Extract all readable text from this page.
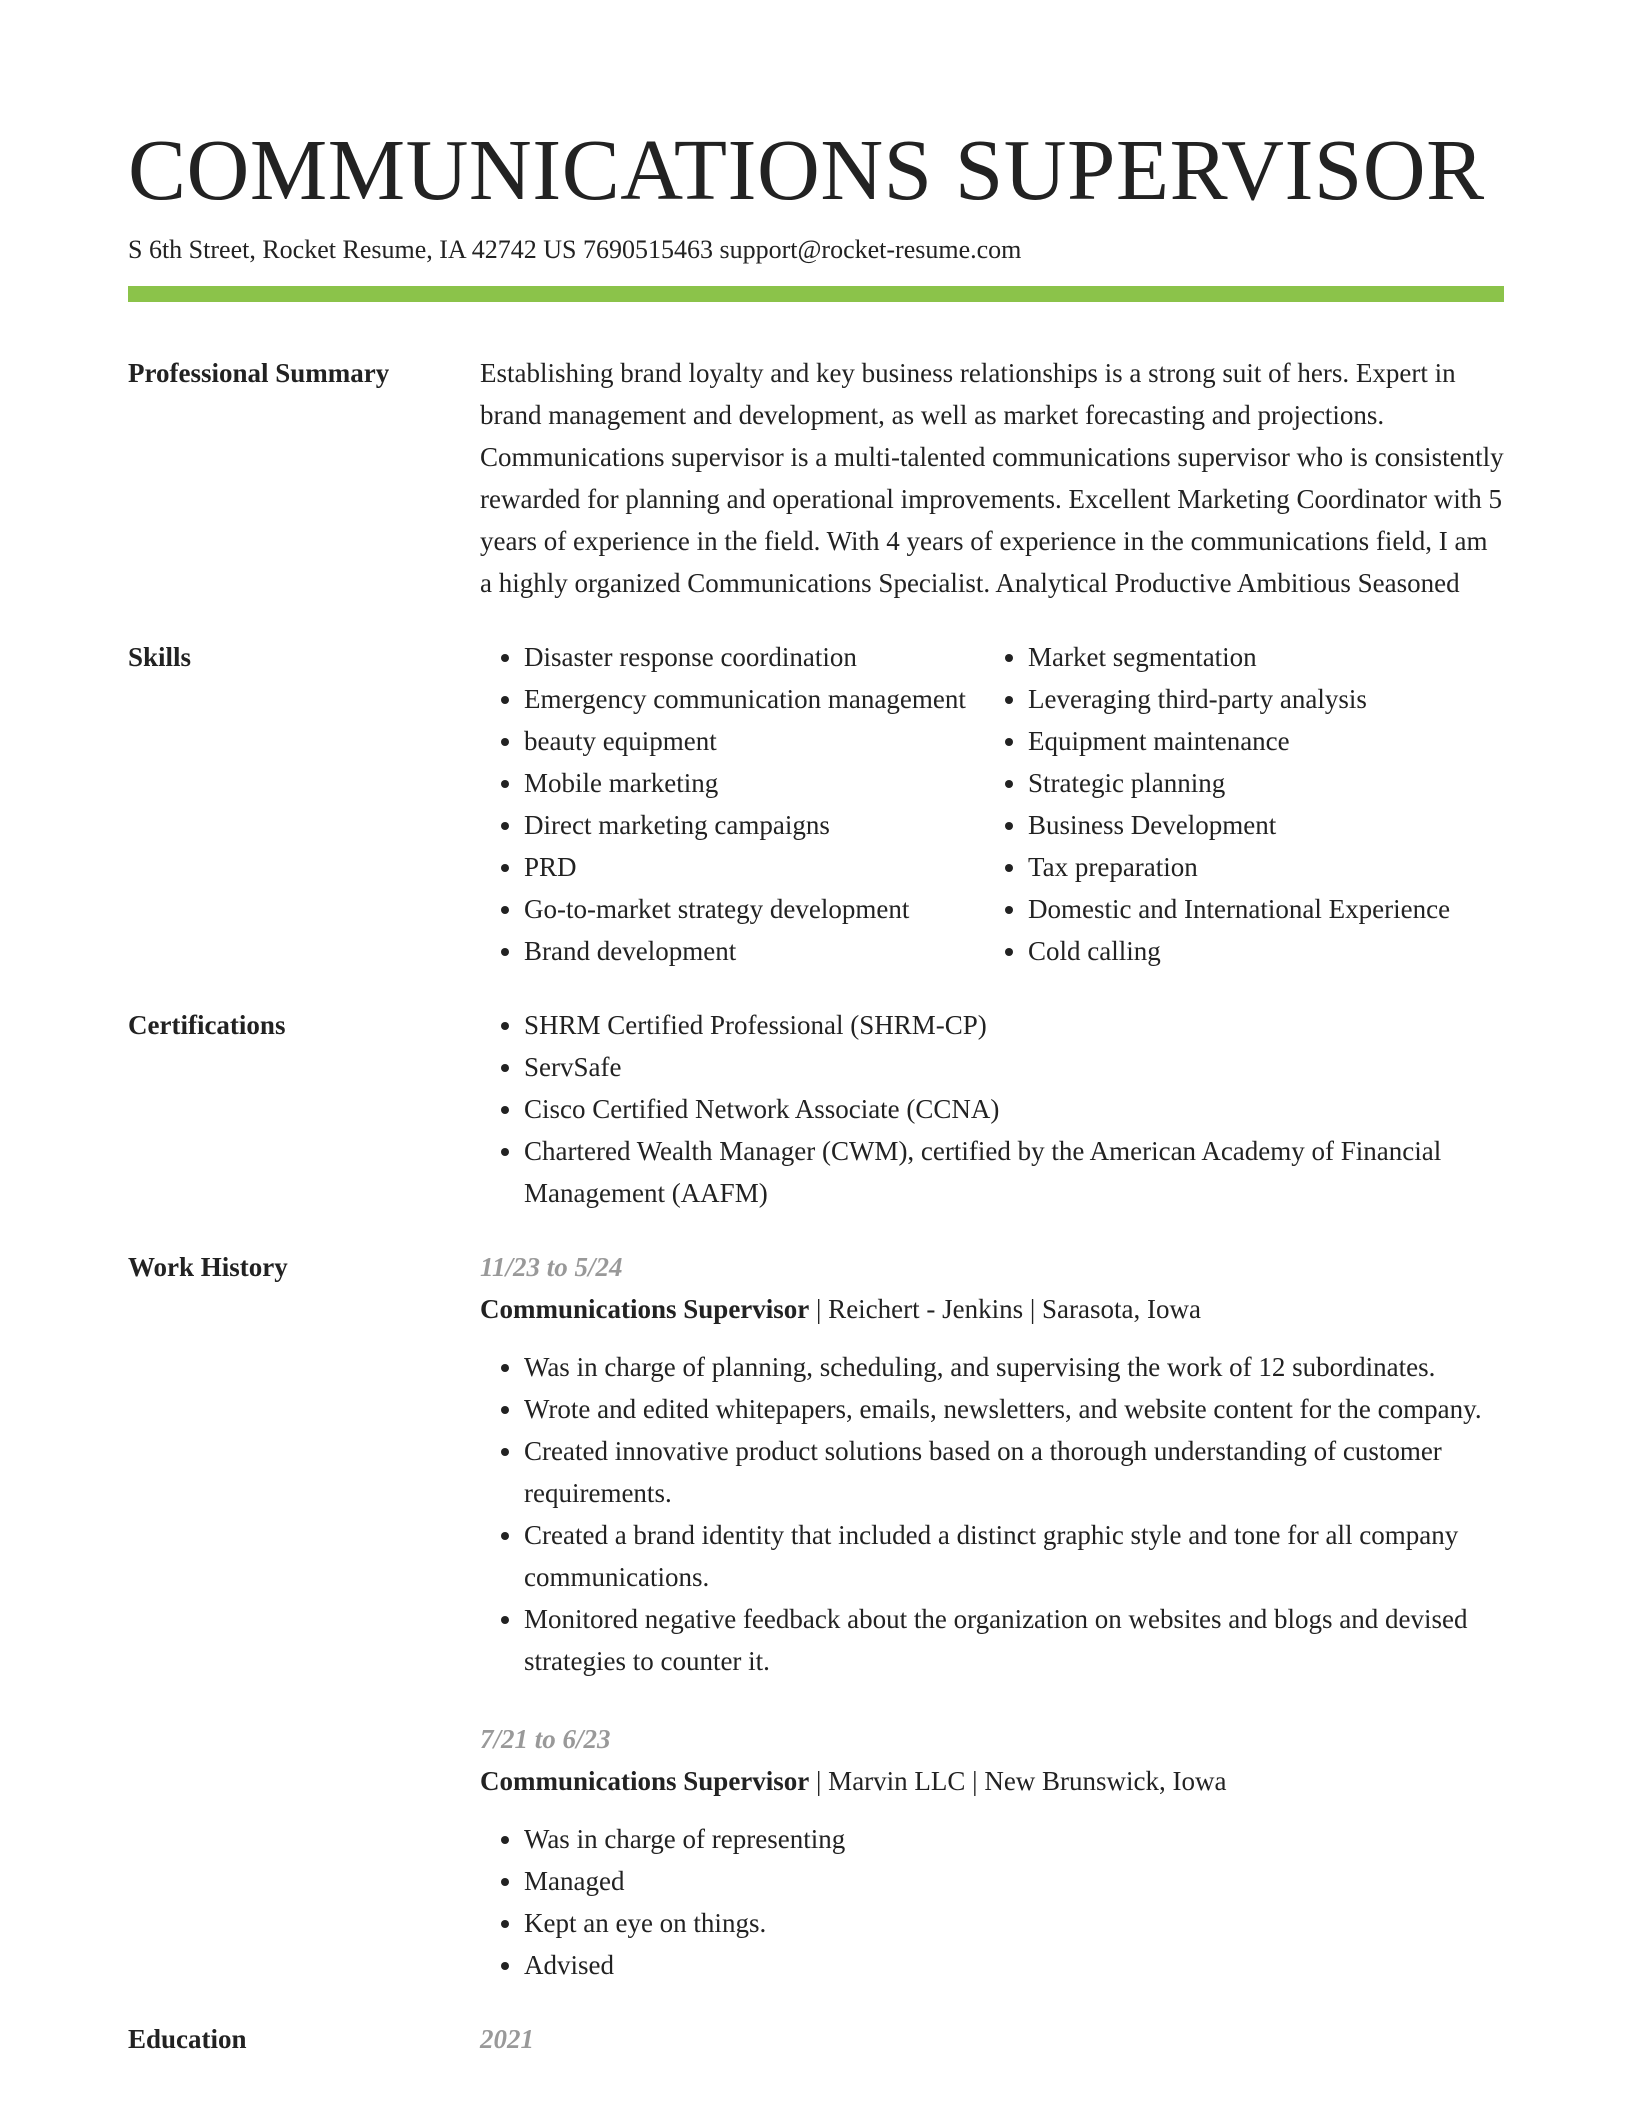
COMMUNICATIONS SUPERVISOR
S 6th Street, Rocket Resume, IA 42742 US 7690515463 support@rocket-resume.com
Professional Summary	Establishing brand loyalty and key business relationships is a strong suit of hers. Expert in brand management and development, as well as market forecasting and projections. Communications supervisor is a multi-talented communications supervisor who is consistently rewarded for planning and operational improvements. Excellent Marketing Coordinator with 5 years of experience in the field. With 4 years of experience in the communications field, I am a highly organized Communications Specialist. Analytical Productive Ambitious Seasoned
Skills	• Disaster response coordination
• Emergency communication management
• beauty equipment
• Mobile marketing
• Direct marketing campaigns
• PRD
• Go-to-market strategy development
• Brand development
• Market segmentation
• Leveraging third-party analysis
• Equipment maintenance
• Strategic planning
• Business Development
• Tax preparation
• Domestic and International Experience
• Cold calling
Certifications	• SHRM Certified Professional (SHRM-CP)
• ServSafe
• Cisco Certified Network Associate (CCNA)
• Chartered Wealth Manager (CWM), certified by the American Academy of Financial Management (AAFM)
Work History	11/23 to 5/24
Communications Supervisor | Reichert - Jenkins | Sarasota, Iowa
• Was in charge of planning, scheduling, and supervising the work of 12 subordinates.
• Wrote and edited whitepapers, emails, newsletters, and website content for the company.
• Created innovative product solutions based on a thorough understanding of customer requirements.
• Created a brand identity that included a distinct graphic style and tone for all company communications.
• Monitored negative feedback about the organization on websites and blogs and devised strategies to counter it.
7/21 to 6/23
Communications Supervisor | Marvin LLC | New Brunswick, Iowa
• Was in charge of representing
• Managed
• Kept an eye on things.
• Advised
Education	2021
